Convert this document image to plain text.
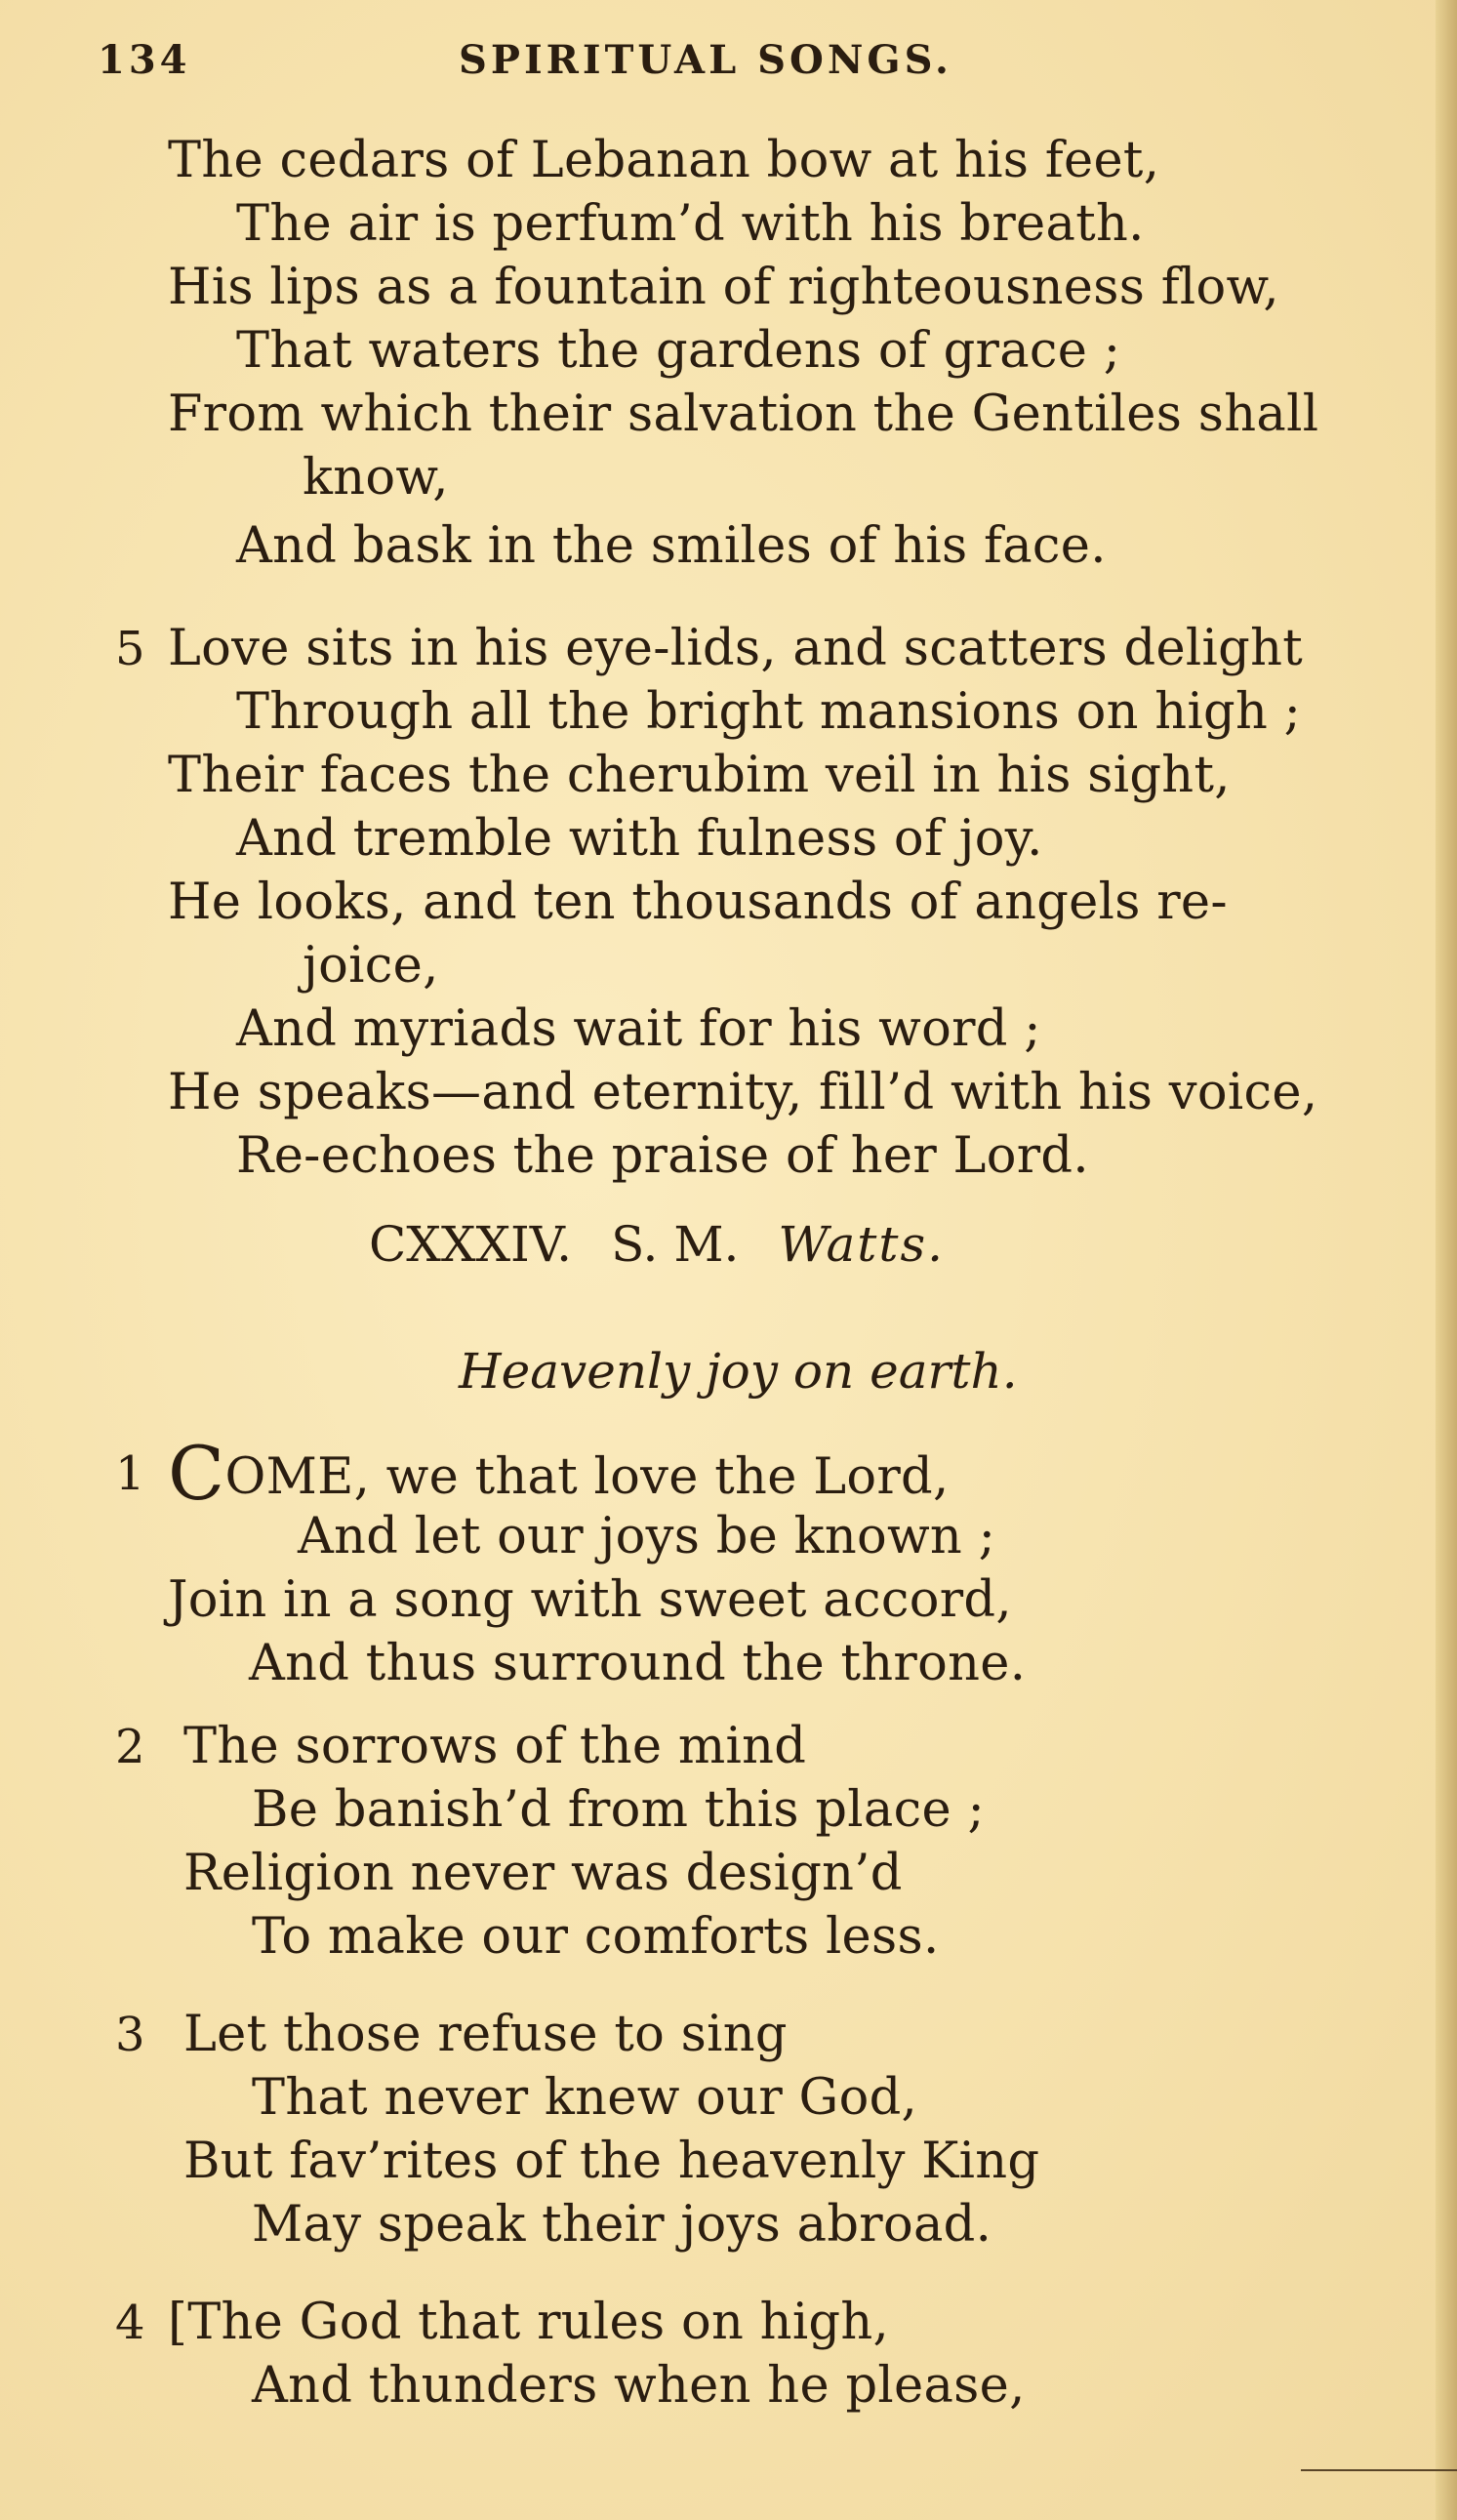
134	SPIRITUAL SONGS.
The cedars of Lebanan bow at his feet,
The air is perfum’d with his breath.
His lips as a fountain of righteousness flow,
That waters the gardens of grace ;
From which their salvation the Gentiles shall
know,
And bask in the smiles of his face.
5 Love sits in his eye-lids, and scatters delight
Through all the bright mansions on high ;
Their faces the cherubim veil in his sight,
And tremble with fulness of joy.
He looks, and ten thousands of angels re-
joice,
And myriads wait for his word ;
He speaks—and eternity, fill’d with his voice,
Re-echoes the praise of her Lord.
CXXXIV. S. M. Watts.
Heavenly joy on earth.
1 COME, we that love the Lord,
And let our joys be known ;
Join in a song with sweet accord,
And thus surround the throne.
2 The sorrows of the mind
Be banish’d from this place ;
Religion never was design’d
To make our comforts less.
3 Let those refuse to sing
That never knew our God,
But fav’rites of the heavenly King
May speak their joys abroad.
4 [The God that rules on high,
And thunders when he please,
